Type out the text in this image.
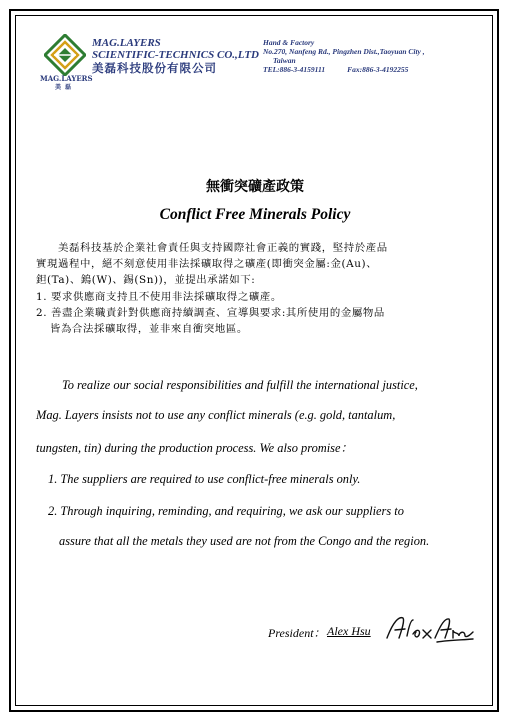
MAG.LAYERS
美磊
MAG.LAYERS
SCIENTIFIC-TECHNICS CO.,LTD
美磊科技股份有限公司
Hand & Factory
No.270, Nanfeng Rd., Pingzhen Dist.,Taoyuan City ,
Taiwan
TEL:886-3-4159111	Fax:886-3-4192255
無衝突礦產政策
Conflict Free Minerals Policy
美磊科技基於企業社會責任與支持國際社會正義的實踐，堅持於產品
實現過程中，絕不刻意使用非法採礦取得之礦產(即衝突金屬:金(Au)、
鉭(Ta)、鎢(W)、錫(Sn))，並提出承諾如下:
1. 要求供應商支持且不使用非法採礦取得之礦產。
2. 善盡企業職責針對供應商持續調查、宣導與要求:其所使用的金屬物品
皆為合法採礦取得，並非來自衝突地區。
To realize our social responsibilities and fulfill the international justice,
Mag. Layers insists not to use any conflict minerals (e.g. gold, tantalum,
tungsten, tin) during the production process. We also promise：
1. The suppliers are required to use conflict-free minerals only.
2. Through inquiring, reminding, and requiring, we ask our suppliers to
assure that all the metals they used are not from the Congo and the region.
President： Alex Hsu
